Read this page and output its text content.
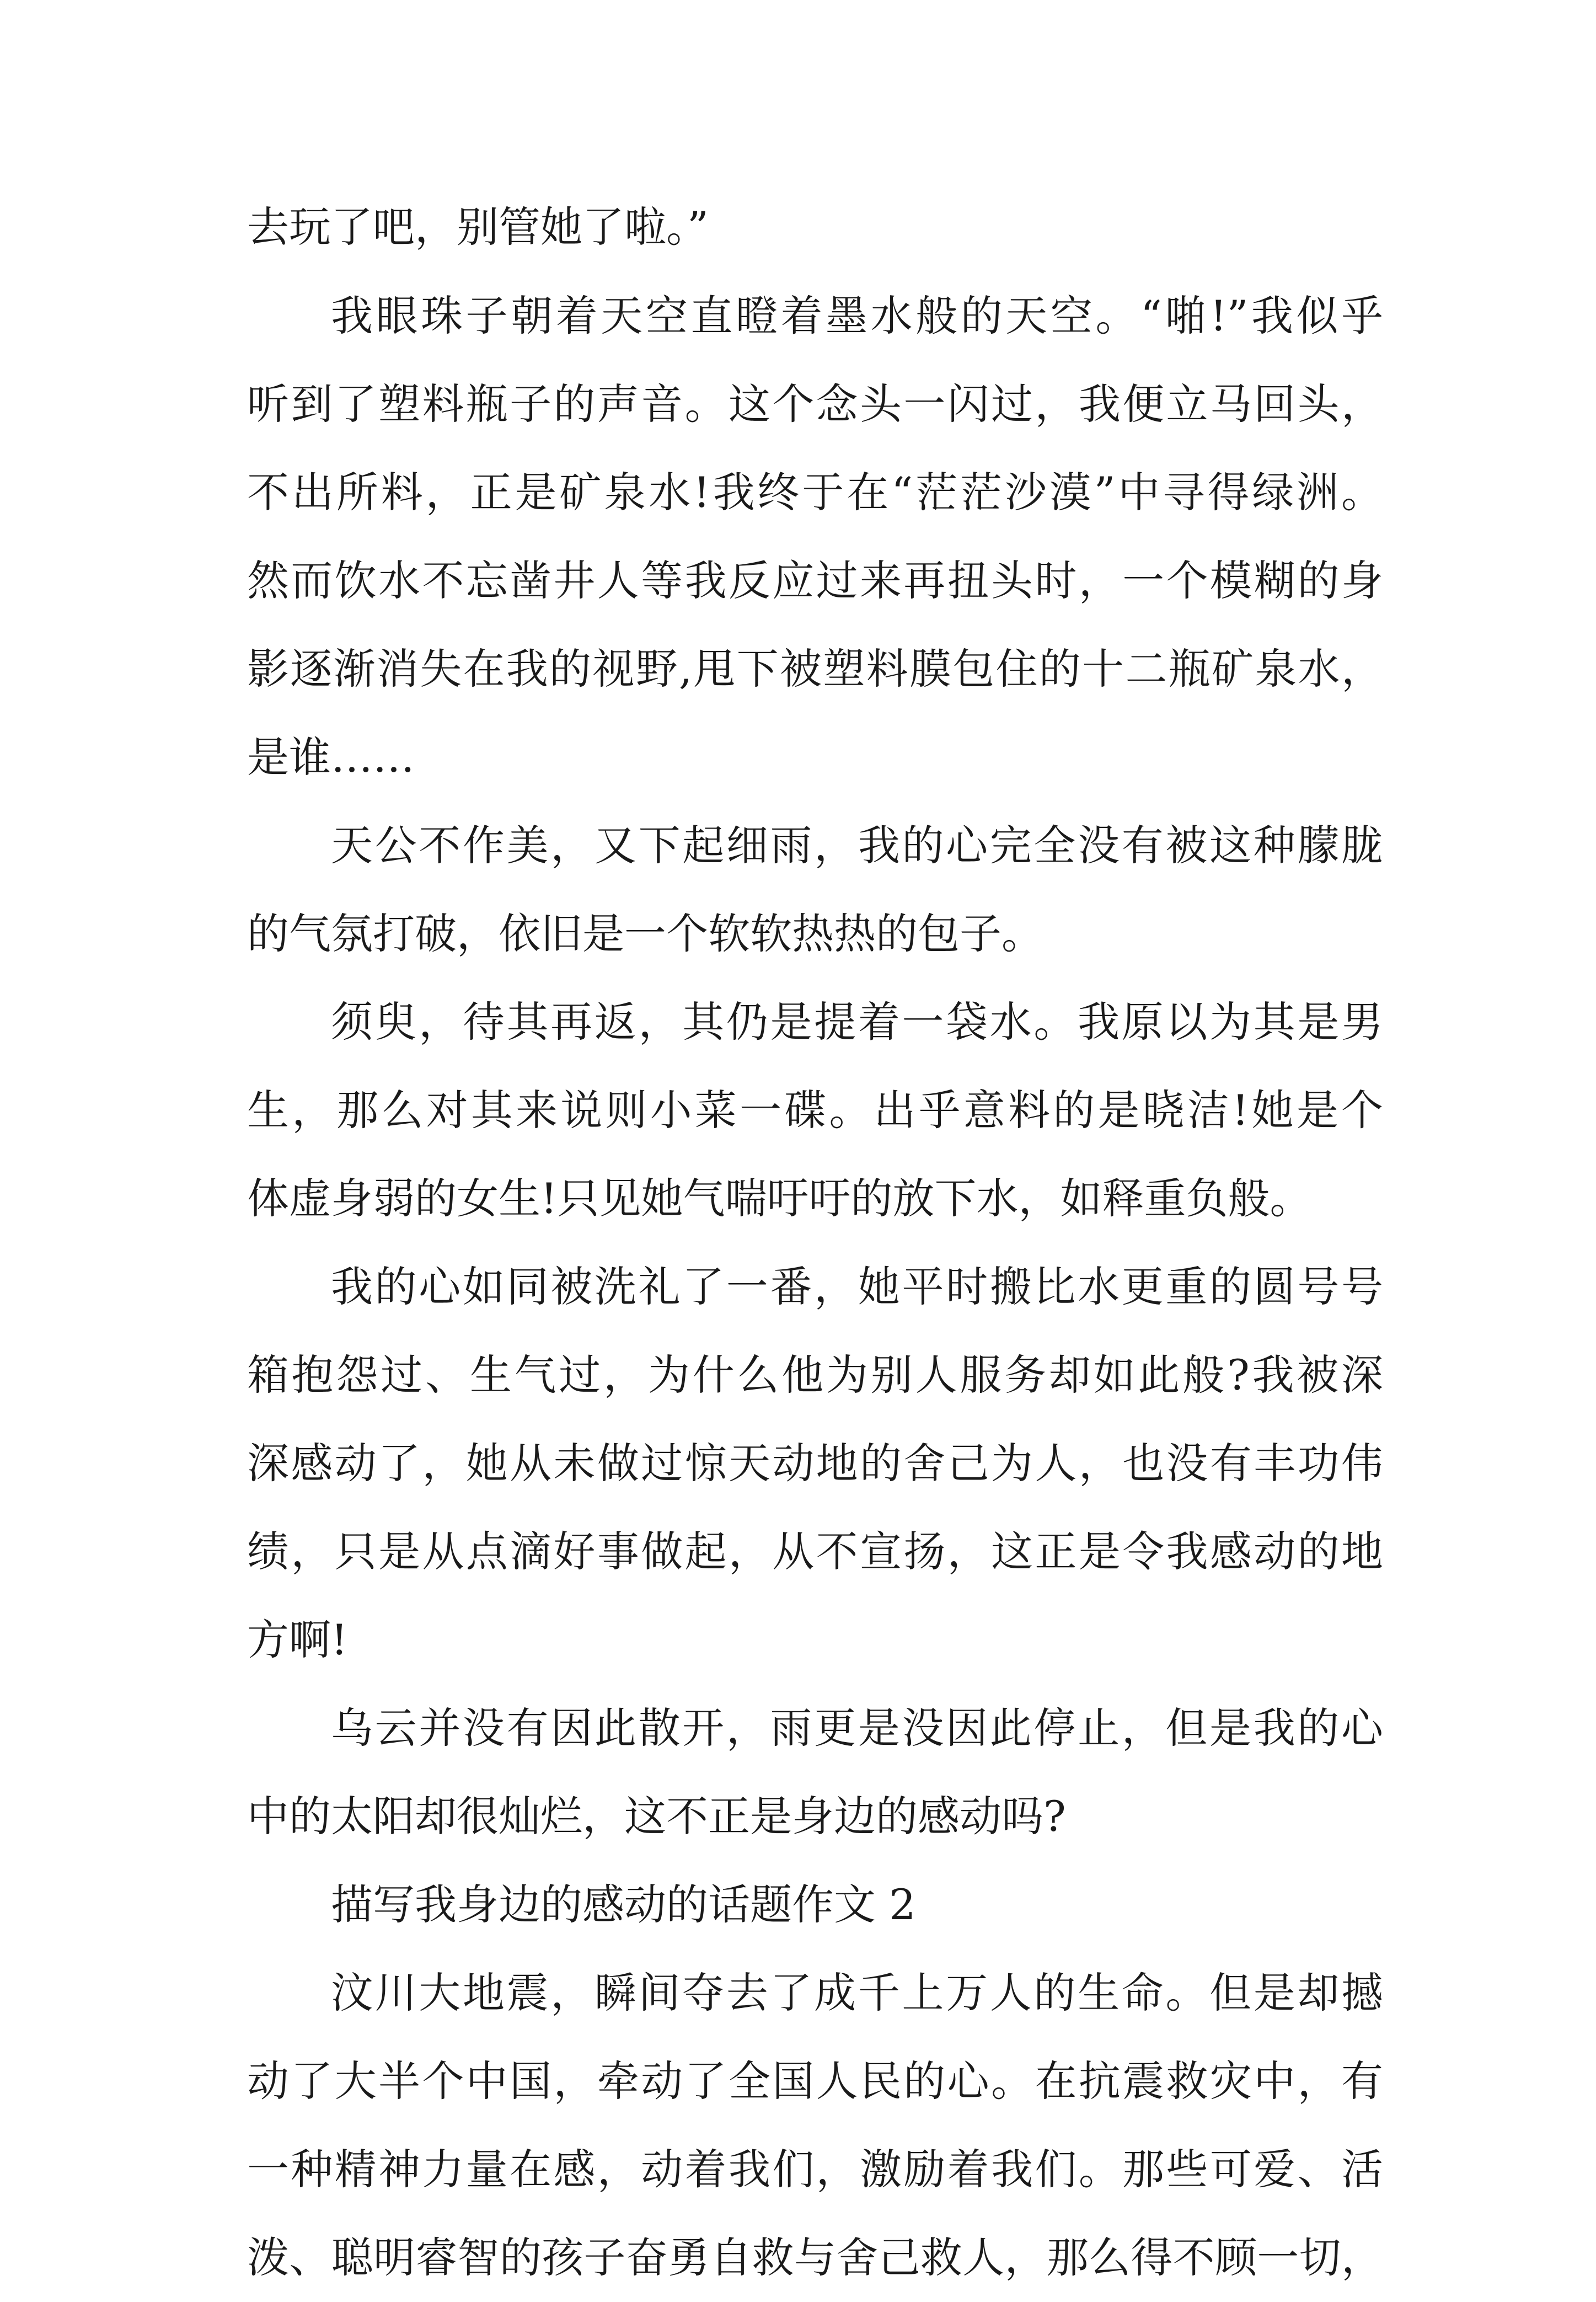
去玩了吧，别管她了啦。”
我眼珠子朝着天空直瞪着墨水般的天空。“啪!”我似乎
听到了塑料瓶子的声音。这个念头一闪过，我便立马回头，
不出所料，正是矿泉水!我终于在“茫茫沙漠”中寻得绿洲。
然而饮水不忘凿井人等我反应过来再扭头时，一个模糊的身
影逐渐消失在我的视野,甩下被塑料膜包住的十二瓶矿泉水，
是谁……
天公不作美，又下起细雨，我的心完全没有被这种朦胧
的气氛打破，依旧是一个软软热热的包子。
须臾，待其再返，其仍是提着一袋水。我原以为其是男
生，那么对其来说则小菜一碟。出乎意料的是晓洁!她是个
体虚身弱的女生!只见她气喘吁吁的放下水，如释重负般。
我的心如同被洗礼了一番，她平时搬比水更重的圆号号
箱抱怨过、生气过，为什么他为别人服务却如此般?我被深
深感动了，她从未做过惊天动地的舍己为人，也没有丰功伟
绩，只是从点滴好事做起，从不宣扬，这正是令我感动的地
方啊!
乌云并没有因此散开，雨更是没因此停止，但是我的心
中的太阳却很灿烂，这不正是身边的感动吗?
描写我身边的感动的话题作文 2
汶川大地震，瞬间夺去了成千上万人的生命。但是却撼
动了大半个中国，牵动了全国人民的心。在抗震救灾中，有
一种精神力量在感，动着我们，激励着我们。那些可爱、活
泼、聪明睿智的孩子奋勇自救与舍己救人，那么得不顾一切，
